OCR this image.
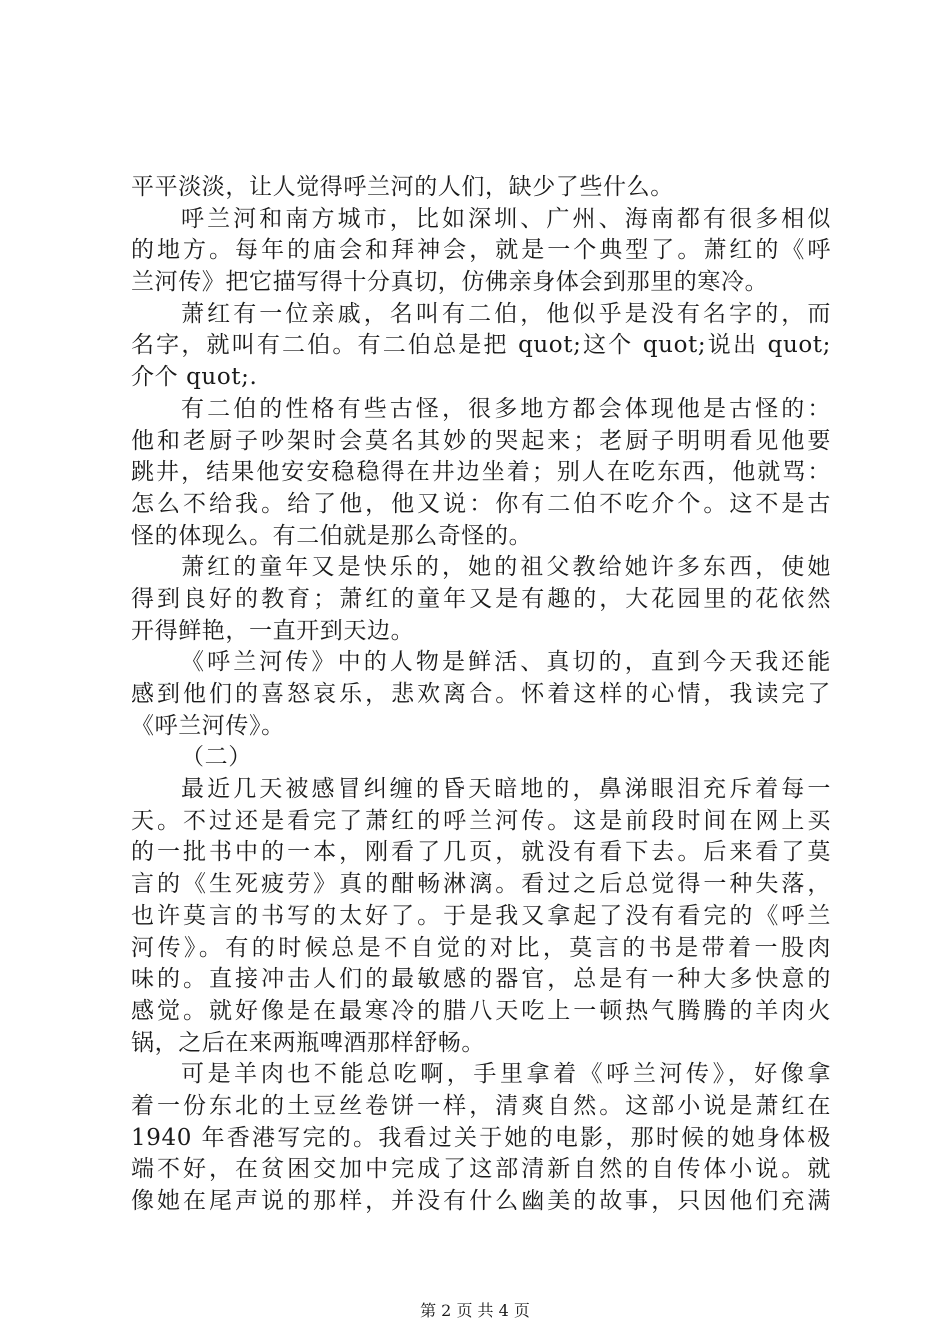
平平淡淡，让人觉得呼兰河的人们，缺少了些什么。
呼兰河和南方城市，比如深圳、广州、海南都有很多相似
的地方。每年的庙会和拜神会，就是一个典型了。萧红的《呼
兰河传》把它描写得十分真切，仿佛亲身体会到那里的寒冷。
萧红有一位亲戚，名叫有二伯，他似乎是没有名字的，而
名字，就叫有二伯。有二伯总是把 quot;这个 quot;说出 quot;
介个 quot;.
有二伯的性格有些古怪，很多地方都会体现他是古怪的：
他和老厨子吵架时会莫名其妙的哭起来；老厨子明明看见他要
跳井，结果他安安稳稳得在井边坐着；别人在吃东西，他就骂：
怎么不给我。给了他，他又说：你有二伯不吃介个。这不是古
怪的体现么。有二伯就是那么奇怪的。
萧红的童年又是快乐的，她的祖父教给她许多东西，使她
得到良好的教育；萧红的童年又是有趣的，大花园里的花依然
开得鲜艳，一直开到天边。
《呼兰河传》中的人物是鲜活、真切的，直到今天我还能
感到他们的喜怒哀乐，悲欢离合。怀着这样的心情，我读完了
《呼兰河传》。
（二）
最近几天被感冒纠缠的昏天暗地的，鼻涕眼泪充斥着每一
天。不过还是看完了萧红的呼兰河传。这是前段时间在网上买
的一批书中的一本，刚看了几页，就没有看下去。后来看了莫
言的《生死疲劳》真的酣畅淋漓。看过之后总觉得一种失落，
也许莫言的书写的太好了。于是我又拿起了没有看完的《呼兰
河传》。有的时候总是不自觉的对比，莫言的书是带着一股肉
味的。直接冲击人们的最敏感的器官，总是有一种大多快意的
感觉。就好像是在最寒冷的腊八天吃上一顿热气腾腾的羊肉火
锅，之后在来两瓶啤酒那样舒畅。
可是羊肉也不能总吃啊，手里拿着《呼兰河传》，好像拿
着一份东北的土豆丝卷饼一样，清爽自然。这部小说是萧红在
1940 年香港写完的。我看过关于她的电影，那时候的她身体极
端不好，在贫困交加中完成了这部清新自然的自传体小说。就
像她在尾声说的那样，并没有什么幽美的故事，只因他们充满
第 2 页 共 4 页
